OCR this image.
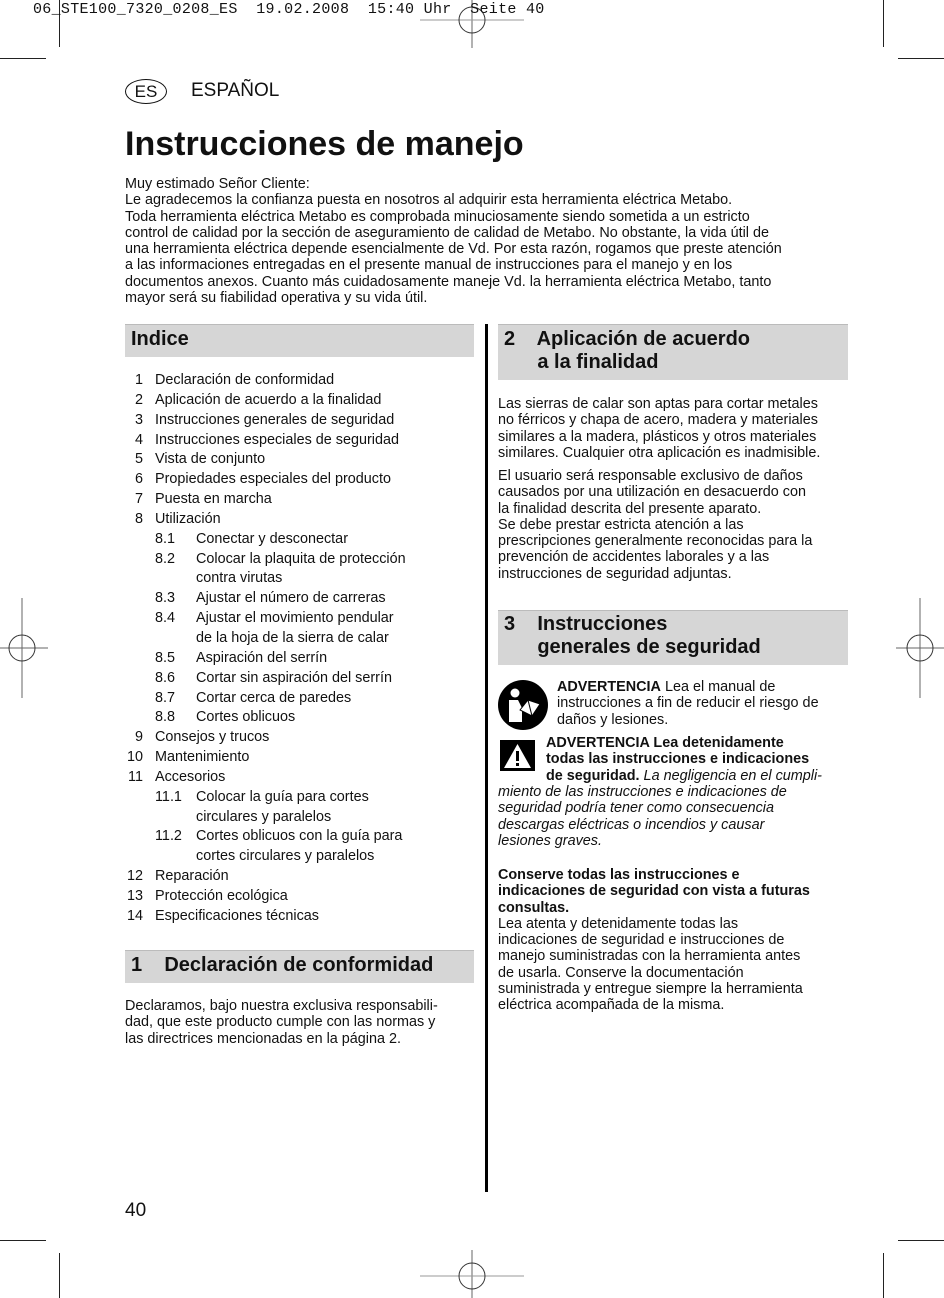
06_STE100_7320_0208_ES  19.02.2008  15:40 Uhr  Seite 40
ES	ESPAÑOL
Instrucciones de manejo
Muy estimado Señor Cliente:
Le agradecemos la confianza puesta en nosotros al adquirir esta herramienta eléctrica Metabo.
Toda herramienta eléctrica Metabo es comprobada minuciosamente siendo sometida a un estricto
control de calidad por la sección de aseguramiento de calidad de Metabo. No obstante, la vida útil de
una herramienta eléctrica depende esencialmente de Vd. Por esta razón, rogamos que preste atención
a las informaciones entregadas en el presente manual de instrucciones para el manejo y en los
documentos anexos. Cuanto más cuidadosamente maneje Vd. la herramienta eléctrica Metabo, tanto
mayor será su fiabilidad operativa y su vida útil.
Indice
1 Declaración de conformidad
2 Aplicación de acuerdo a la finalidad
3 Instrucciones generales de seguridad
4 Instrucciones especiales de seguridad
5 Vista de conjunto
6 Propiedades especiales del producto
7 Puesta en marcha
8 Utilización
8.1 Conectar y desconectar
8.2 Colocar la plaquita de protección
contra virutas
8.3 Ajustar el número de carreras
8.4 Ajustar el movimiento pendular
de la hoja de la sierra de calar
8.5 Aspiración del serrín
8.6 Cortar sin aspiración del serrín
8.7 Cortar cerca de paredes
8.8 Cortes oblicuos
9 Consejos y trucos
10 Mantenimiento
11 Accesorios
11.1 Colocar la guía para cortes
circulares y paralelos
11.2 Cortes oblicuos con la guía para
cortes circulares y paralelos
12 Reparación
13 Protección ecológica
14 Especificaciones técnicas
1    Declaración de conformidad
Declaramos, bajo nuestra exclusiva responsabili-
dad, que este producto cumple con las normas y
las directrices mencionadas en la página 2.
40
2    Aplicación de acuerdo
a la finalidad
Las sierras de calar son aptas para cortar metales
no férricos y chapa de acero, madera y materiales
similares a la madera, plásticos y otros materiales
similares. Cualquier otra aplicación es inadmisible.
El usuario será responsable exclusivo de daños
causados por una utilización en desacuerdo con
la finalidad descrita del presente aparato.
Se debe prestar estricta atención a las
prescripciones generalmente reconocidas para la
prevención de accidentes laborales y a las
instrucciones de seguridad adjuntas.
3    Instrucciones
generales de seguridad
ADVERTENCIA Lea el manual de
instrucciones a fin de reducir el riesgo de
daños y lesiones.
ADVERTENCIA Lea detenidamente
todas las instrucciones e indicaciones
de seguridad. La negligencia en el cumpli-
miento de las instrucciones e indicaciones de
seguridad podría tener como consecuencia
descargas eléctricas o incendios y causar
lesiones graves.
Conserve todas las instrucciones e
indicaciones de seguridad con vista a futuras
consultas.
Lea atenta y detenidamente todas las
indicaciones de seguridad e instrucciones de
manejo suministradas con la herramienta antes
de usarla. Conserve la documentación
suministrada y entregue siempre la herramienta
eléctrica acompañada de la misma.
